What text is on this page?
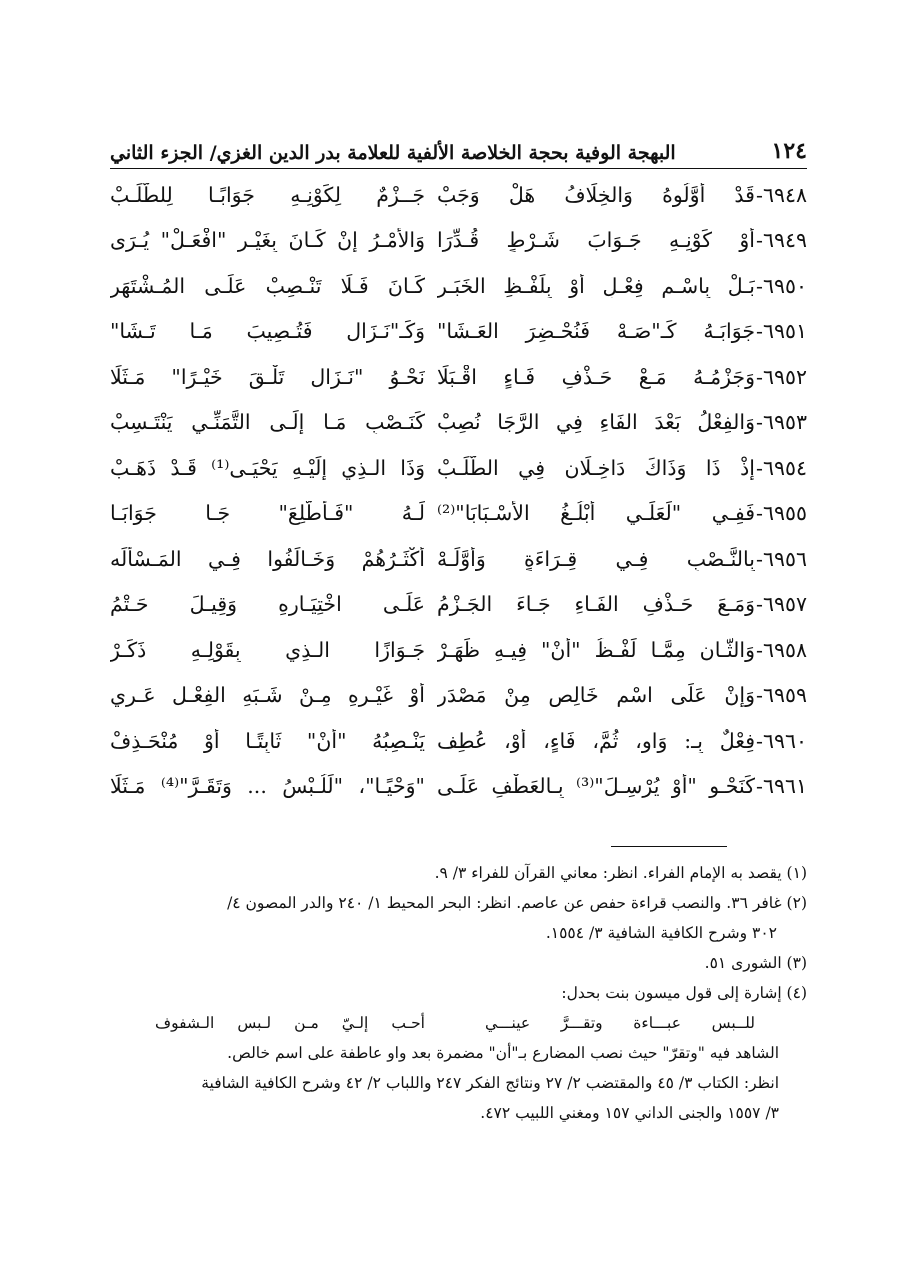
١٢٤
البهجة الوفية بحجة الخلاصة الألفية للعلامة بدر الدين الغزي/ الجزء الثاني
٦٩٤٨-
قَدْ أَوَّلُوهُ وَالخِلَافُ هَلْ وَجَبْ
جَــزْمٌ لِكَوْنِـهِ جَوَابًـا لِلطَّلَـبْ
٦٩٤٩-
أَوْ كَوْنِـهِ جَـوَابَ شَـرْطٍ قُـدِّرَا
وَالأَمْـرُ إِنْ كَـانَ بِغَيْـرِ "افْعَـلْ" يُـرَى
٦٩٥٠-
بَـلْ بِاسْـمِ فِعْـلٍ أَوْ بِلَفْـظِ الخَبَـرِ
كَـانَ فَـلَا تَنْـصِبْ عَلَـى المُـشْتَهَرِ
٦٩٥١-
جَوَابَـهُ كَـ"صَـهْ فَنُحْـضِرَ العَـشَا"
وَكَـ"نَـزَالِ فَتُـصِيبَ مَـا تَـشَا"
٦٩٥٢-
وَجَزْمُـهُ مَـعْ حَـذْفِ فَـاءٍ اقْـبَلَا
نَحْـوُ "نَـزَالِ تَلْـقَ خَيْـرًا" مَـثَلَا
٦٩٥٣-
وَالفِعْلُ بَعْدَ الفَاءِ فِي الرَّجَا نُصِبْ
كَنَـصْبِ مَـا إِلَـى التَّمَنِّـي يَنْتَـسِبْ
٦٩٥٤-
إِذْ ذَا وَذَاكَ دَاخِـلَانِ فِي الطَّلَـبْ
وَذَا الـذِي إِلَيْـهِ يَحْيَـى⁽¹⁾ قَـدْ ذَهَـبْ
٦٩٥٥-
فَفِـي "لَعَلِّـي أَبْلُـغُ الأَسْـبَابَا"⁽²⁾
لَـهُ "فَـأَطَّلِعَ" جَـا جَوَابَـا
٦٩٥٦-
بِالنَّـصْبِ فِـي قِـرَاءَةٍ وَأَوَّلَـهْ
أَكْثَـرُهُمْ وَخَـالَفُوا فِـي المَـسْأَلَه
٦٩٥٧-
وَمَـعَ حَـذْفِ الفَـاءِ جَـاءَ الجَـزْمُ
عَلَـى اخْتِيَـارِهِ وَقِيـلَ حَـتْمُ
٦٩٥٨-
وَالثَّـانِ مِمَّـا لَفْـظُ "أَنْ" فِيـهِ ظَهَـرْ
جَـوَازًا الـذِي بِقَوْلِـهِ ذَكَـرْ
٦٩٥٩-
وَإِنْ عَلَى اسْمٍ خَالِصٍ مِنْ مَصْدَرِ
أَوْ غَيْـرِهِ مِـنْ شَـبَهِ الفِعْـلِ عَـرِي
٦٩٦٠-
فِعْلٌ بِـ: وَاوٍ، ثُمَّ، فَاءٍ، أَوْ، عُطِف
يَنْـصِبُهُ "أَنْ" ثَابِتًـا أَوْ مُنْحَـذِفْ
٦٩٦١-
كَنَحْـوِ "أَوْ يُرْسِـلَ"⁽³⁾ بِـالعَطْفِ عَلَـى
"وَحْيًـا"، "لَلُـبْسُ ... وَتَقَـرَّ"⁽⁴⁾ مَـثَلَا

(١) يقصد به الإمام الفراء. انظر: معاني القرآن للفراء ٣/ ٩.

(٢) غافر ٣٦. والنصب قراءة حفص عن عاصم. انظر: البحر المحيط ١/ ٢٤٠ والدر المصون ٤/

٣٠٢ وشرح الكافية الشافية ٣/ ١٥٥٤.

(٣) الشورى ٥١.

(٤) إشارة إلى قول ميسون بنت بحدل:

للــبس عبـــاءة وتقـــرَّ عينـــي
أحـب إلـيّ مـن لـبس الـشفوف

الشاهد فيه "وتقرّ" حيث نصب المضارع بـ"أن" مضمرة بعد واو عاطفة على اسم خالص.

انظر: الكتاب ٣/ ٤٥ والمقتضب ٢/ ٢٧ ونتائج الفكر ٢٤٧ واللباب ٢/ ٤٢ وشرح الكافية الشافية

٣/ ١٥٥٧ والجنى الداني ١٥٧ ومغني اللبيب ٤٧٢.
